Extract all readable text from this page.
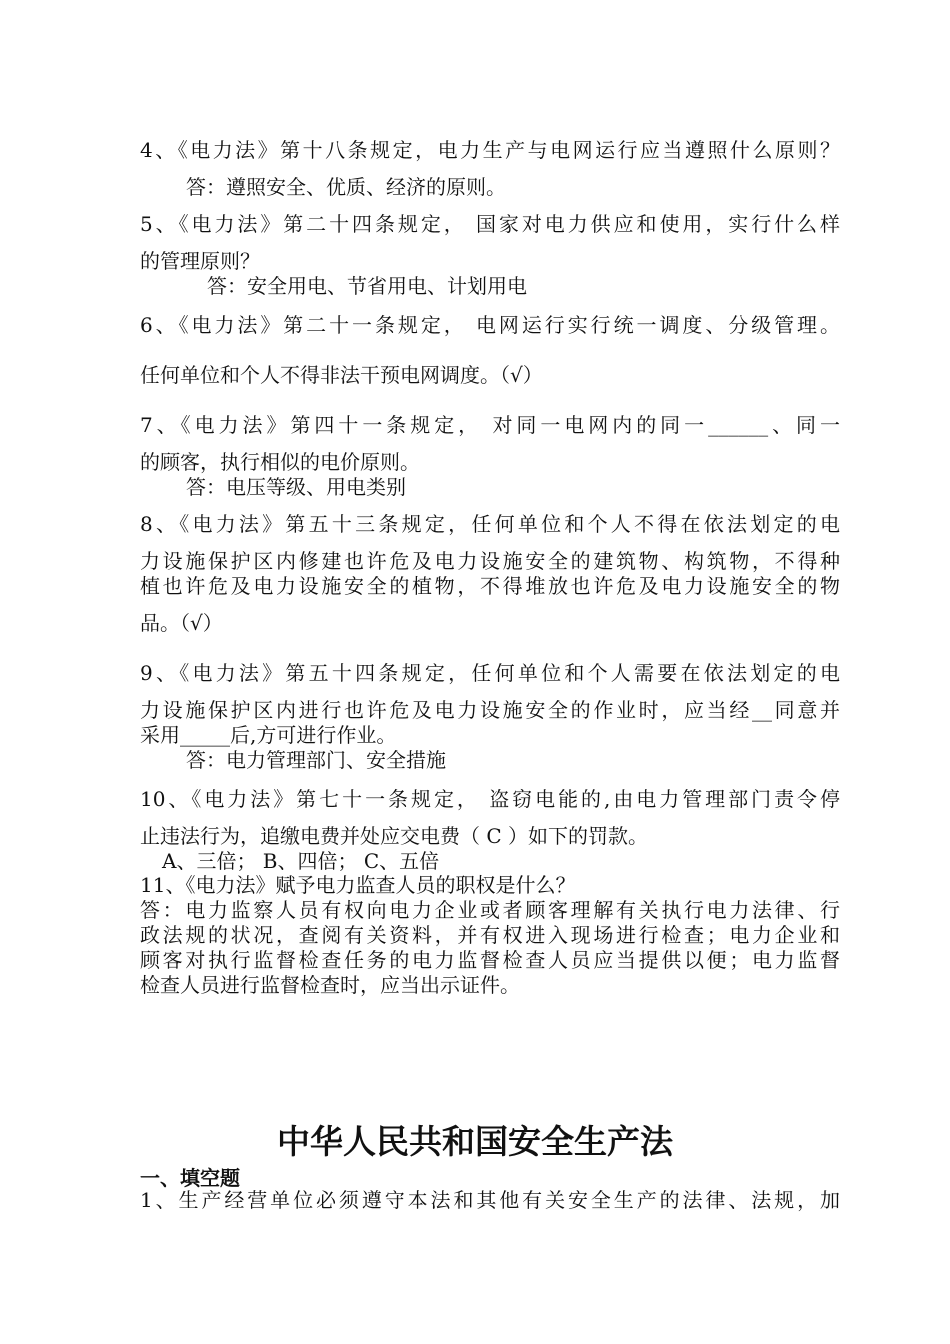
4、《电力法》第十八条规定，电力生产与电网运行应当遵照什么原则？
答：遵照安全、优质、经济的原则。
5、《电力法》第二十四条规定， 国家对电力供应和使用，实行什么样
的管理原则？
答：安全用电、节省用电、计划用电
6、《电力法》第二十一条规定， 电网运行实行统一调度、分级管理。
任何单位和个人不得非法干预电网调度。（√）
7、《电力法》第四十一条规定， 对同一电网内的同一______、同一
的顾客，执行相似的电价原则。
答：电压等级、用电类别
8、《电力法》第五十三条规定，任何单位和个人不得在依法划定的电
力设施保护区内修建也许危及电力设施安全的建筑物、构筑物，不得种
植也许危及电力设施安全的植物，不得堆放也许危及电力设施安全的物
品。（√）
9、《电力法》第五十四条规定，任何单位和个人需要在依法划定的电
力设施保护区内进行也许危及电力设施安全的作业时，应当经__同意并
采用_____后,方可进行作业。
答：电力管理部门、安全措施
10、《电力法》第七十一条规定， 盗窃电能的,由电力管理部门责令停
止违法行为，追缴电费并处应交电费（ C ）如下的罚款。
A、三倍； B、四倍； C、五倍
11、《电力法》赋予电力监查人员的职权是什么？
答：电力监察人员有权向电力企业或者顾客理解有关执行电力法律、行
政法规的状况，查阅有关资料，并有权进入现场进行检查；电力企业和
顾客对执行监督检查任务的电力监督检查人员应当提供以便；电力监督
检查人员进行监督检查时，应当出示证件。
中华人民共和国安全生产法
一、填空题
1、生产经营单位必须遵守本法和其他有关安全生产的法律、法规，加
